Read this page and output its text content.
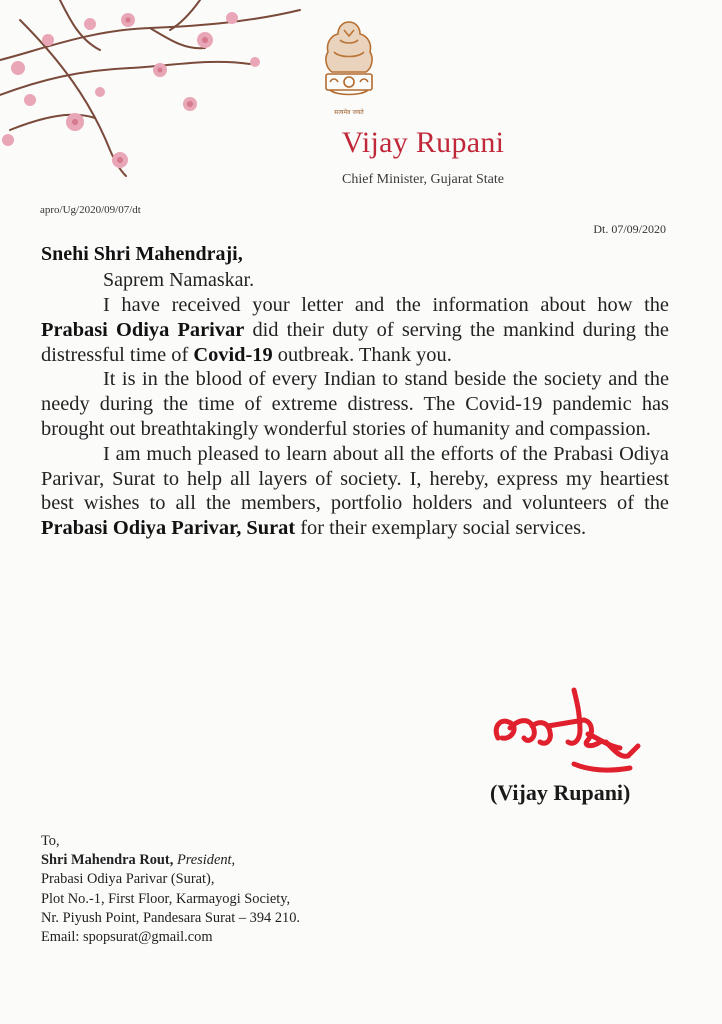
सत्यमेव जयते
Vijay Rupani
Chief Minister, Gujarat State
apro/Ug/2020/09/07/dt
Dt. 07/09/2020
Snehi Shri Mahendraji,
Saprem Namaskar.

I have received your letter and the information about how the Prabasi Odiya Parivar did their duty of serving the mankind during the distressful time of Covid-19 outbreak. Thank you.

It is in the blood of every Indian to stand beside the society and the needy during the time of extreme distress. The Covid-19 pandemic has brought out breathtakingly wonderful stories of humanity and compassion.

I am much pleased to learn about all the efforts of the Prabasi Odiya Parivar, Surat to help all layers of society. I, hereby, express my heartiest best wishes to all the members, portfolio holders and volunteers of the Prabasi Odiya Parivar, Surat for their exemplary social services.

(Vijay Rupani)
To,
Shri Mahendra Rout, President,
Prabasi Odiya Parivar (Surat),
Plot No.-1, First Floor, Karmayogi Society,
Nr. Piyush Point, Pandesara Surat – 394 210.
Email: spopsurat@gmail.com
